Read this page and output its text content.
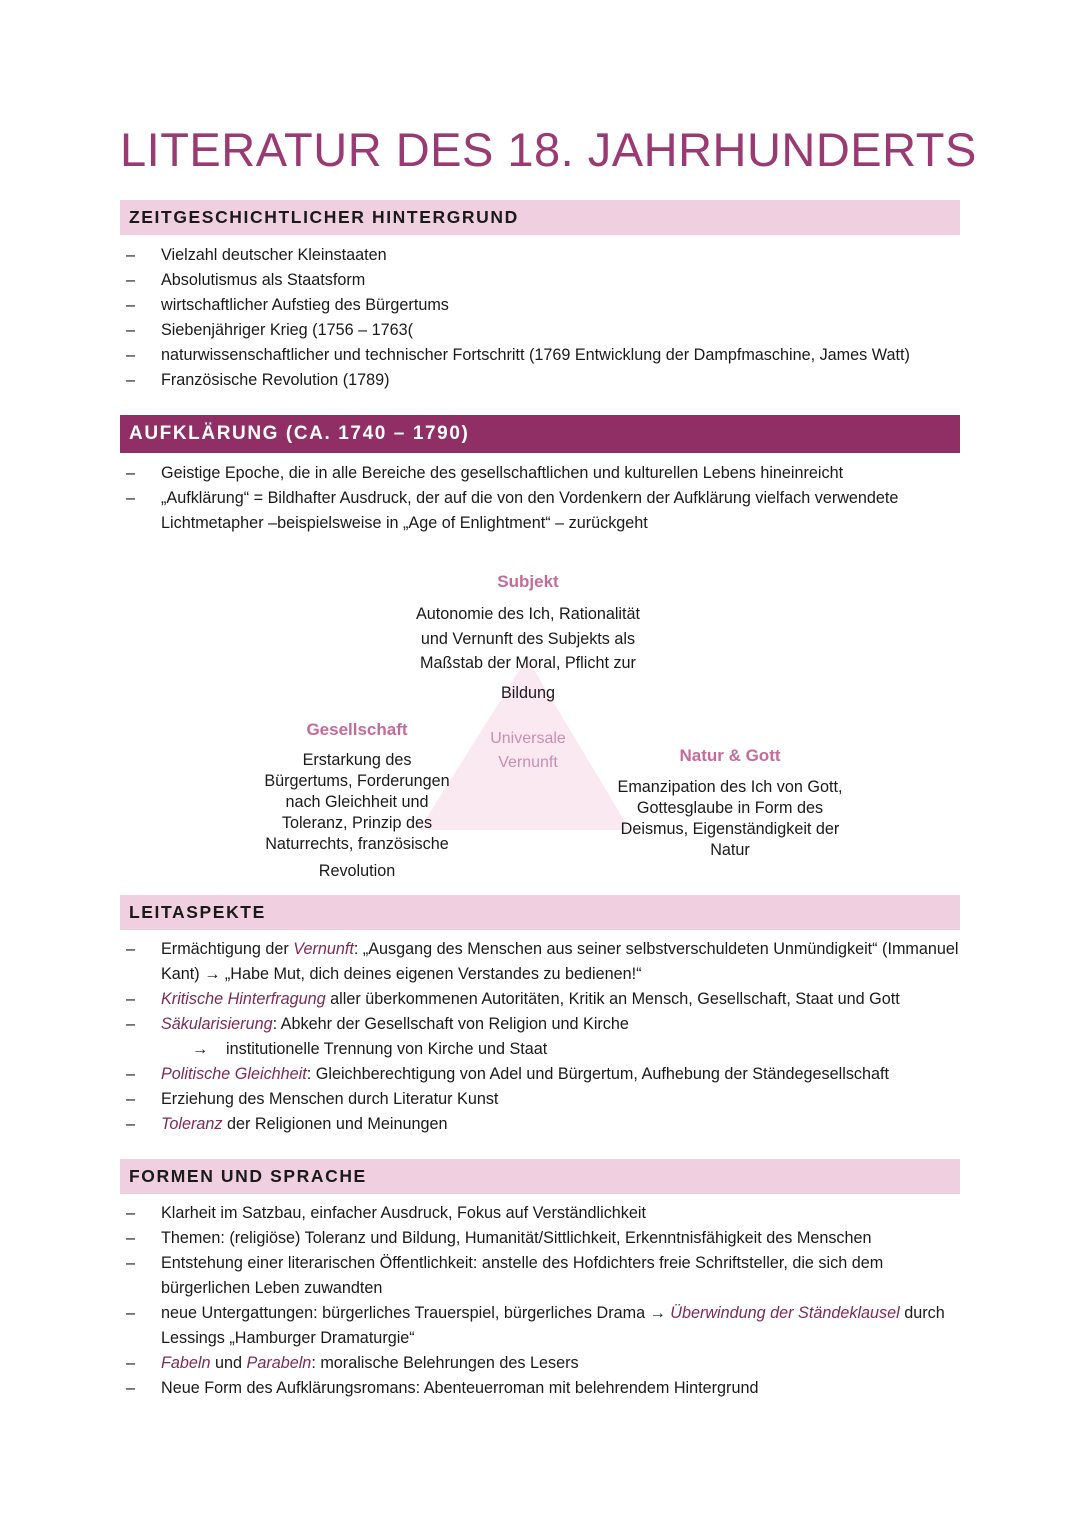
LITERATUR DES 18. JAHRHUNDERTS
ZEITGESCHICHTLICHER HINTERGRUND
– Vielzahl deutscher Kleinstaaten
– Absolutismus als Staatsform
– wirtschaftlicher Aufstieg des Bürgertums
– Siebenjähriger Krieg (1756 – 1763(
– naturwissenschaftlicher und technischer Fortschritt (1769 Entwicklung der Dampfmaschine, James Watt)
– Französische Revolution (1789)
AUFKLÄRUNG (CA. 1740 – 1790)
– Geistige Epoche, die in alle Bereiche des gesellschaftlichen und kulturellen Lebens hineinreicht
– „Aufklärung“ = Bildhafter Ausdruck, der auf die von den Vordenkern der Aufklärung vielfach verwendete Lichtmetapher –beispielsweise in „Age of Enlightment“ – zurückgeht
Universale
Vernunft
Subjekt
Autonomie des Ich, Rationalität
und Vernunft des Subjekts als
Maßstab der Moral, Pflicht zur
Bildung
Gesellschaft
Erstarkung des
Bürgertums, Forderungen
nach Gleichheit und
Toleranz, Prinzip des
Naturrechts, französische
Revolution
Natur & Gott
Emanzipation des Ich von Gott,
Gottesglaube in Form des
Deismus, Eigenständigkeit der
Natur
LEITASPEKTE
– Ermächtigung der Vernunft: „Ausgang des Menschen aus seiner selbstverschuldeten Unmündigkeit“ (Immanuel Kant) → „Habe Mut, dich deines eigenen Verstandes zu bedienen!“
– Kritische Hinterfragung aller überkommenen Autoritäten, Kritik an Mensch, Gesellschaft, Staat und Gott
– Säkularisierung: Abkehr der Gesellschaft von Religion und Kirche
→ institutionelle Trennung von Kirche und Staat
– Politische Gleichheit: Gleichberechtigung von Adel und Bürgertum, Aufhebung der Ständegesellschaft
– Erziehung des Menschen durch Literatur Kunst
– Toleranz der Religionen und Meinungen
FORMEN UND SPRACHE
– Klarheit im Satzbau, einfacher Ausdruck, Fokus auf Verständlichkeit
– Themen: (religiöse) Toleranz und Bildung, Humanität/Sittlichkeit, Erkenntnisfähigkeit des Menschen
– Entstehung einer literarischen Öffentlichkeit: anstelle des Hofdichters freie Schriftsteller, die sich dem bürgerlichen Leben zuwandten
– neue Untergattungen: bürgerliches Trauerspiel, bürgerliches Drama → Überwindung der Ständeklausel durch Lessings „Hamburger Dramaturgie“
– Fabeln und Parabeln: moralische Belehrungen des Lesers
– Neue Form des Aufklärungsromans: Abenteuerroman mit belehrendem Hintergrund
